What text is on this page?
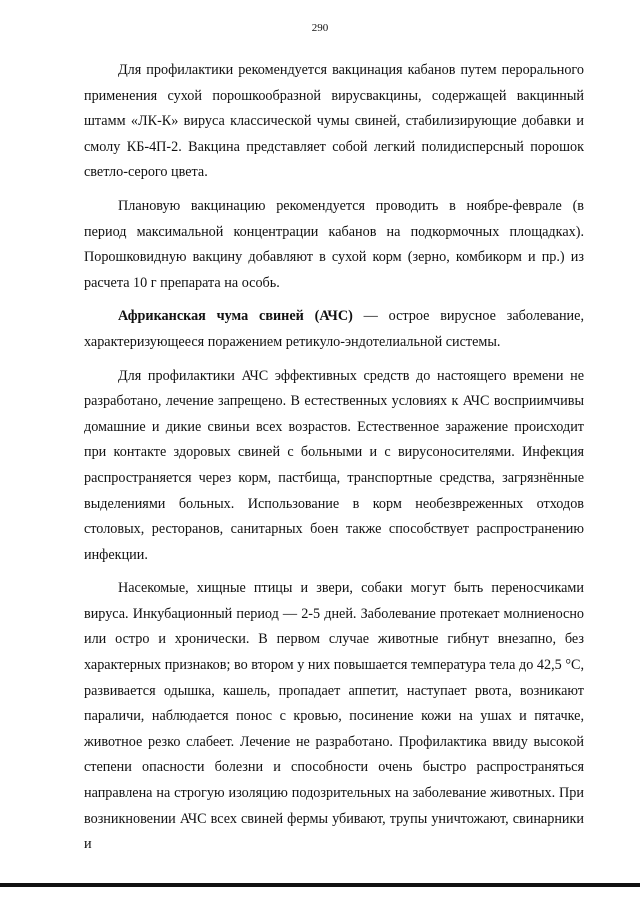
290

Для профилактики рекомендуется вакцинация кабанов путем перорального применения сухой порошкообразной вирусвакцины, содержащей вакцинный штамм «ЛК-К» вируса классической чумы свиней, стабилизирующие добавки и смолу КБ-4П-2. Вакцина представляет собой легкий полидисперсный порошок светло-серого цвета.

Плановую вакцинацию рекомендуется проводить в ноябре-феврале (в период максимальной концентрации кабанов на подкормочных площадках). Порошковидную вакцину добавляют в сухой корм (зерно, комбикорм и пр.) из расчета 10 г препарата на особь.

Африканская чума свиней (АЧС) — острое вирусное заболевание, характеризующееся поражением ретикуло-эндотелиальной системы.

Для профилактики АЧС эффективных средств до настоящего времени не разработано, лечение запрещено. В естественных условиях к АЧС восприимчивы домашние и дикие свиньи всех возрастов. Естественное заражение происходит при контакте здоровых свиней с больными и с вирусоносителями. Инфекция распространяется через корм, пастбища, транспортные средства, загрязнённые выделениями больных. Использование в корм необезвреженных отходов столовых, ресторанов, санитарных боен также способствует распространению инфекции.

Насекомые, хищные птицы и звери, собаки могут быть переносчиками вируса. Инкубационный период — 2-5 дней. Заболевание протекает молниеносно или остро и хронически. В первом случае животные гибнут внезапно, без характерных признаков; во втором у них повышается температура тела до 42,5 °С, развивается одышка, кашель, пропадает аппетит, наступает рвота, возникают параличи, наблюдается понос с кровью, посинение кожи на ушах и пятачке, животное резко слабеет. Лечение не разработано. Профилактика ввиду высокой степени опасности болезни и способности очень быстро распространяться направлена на строгую изоляцию подозрительных на заболевание животных. При возникновении АЧС всех свиней фермы убивают, трупы уничтожают, свинарники и
